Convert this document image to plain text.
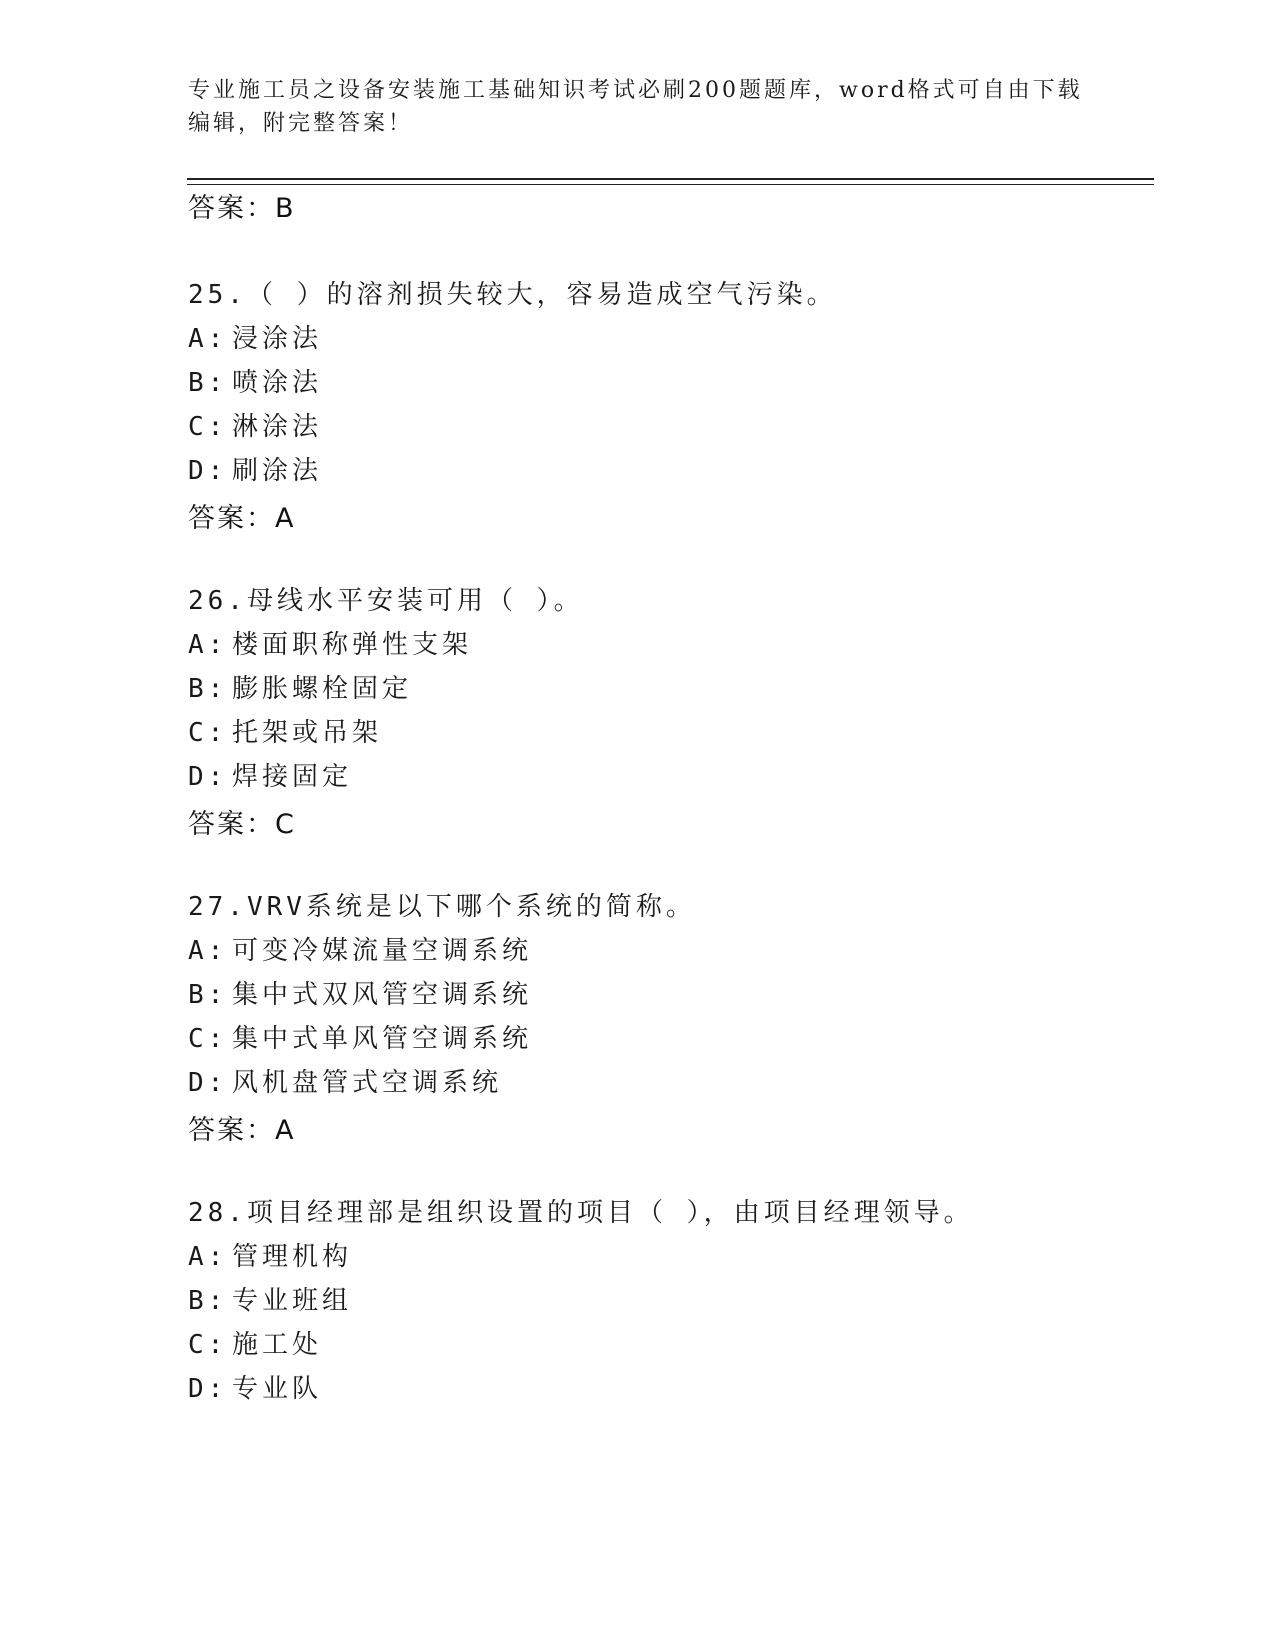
专业施工员之设备安装施工基础知识考试必刷200题题库，word格式可自由下载
编辑，附完整答案！
答案：B
25.（ ）的溶剂损失较大，容易造成空气污染。
A: 浸涂法
B: 喷涂法
C: 淋涂法
D: 刷涂法
答案：A
26.母线水平安装可用（ ）。
A: 楼面职称弹性支架
B: 膨胀螺栓固定
C: 托架或吊架
D: 焊接固定
答案：C
27.VRV系统是以下哪个系统的简称。
A: 可变冷媒流量空调系统
B: 集中式双风管空调系统
C: 集中式单风管空调系统
D: 风机盘管式空调系统
答案：A
28.项目经理部是组织设置的项目（ ），由项目经理领导。
A: 管理机构
B: 专业班组
C: 施工处
D: 专业队
